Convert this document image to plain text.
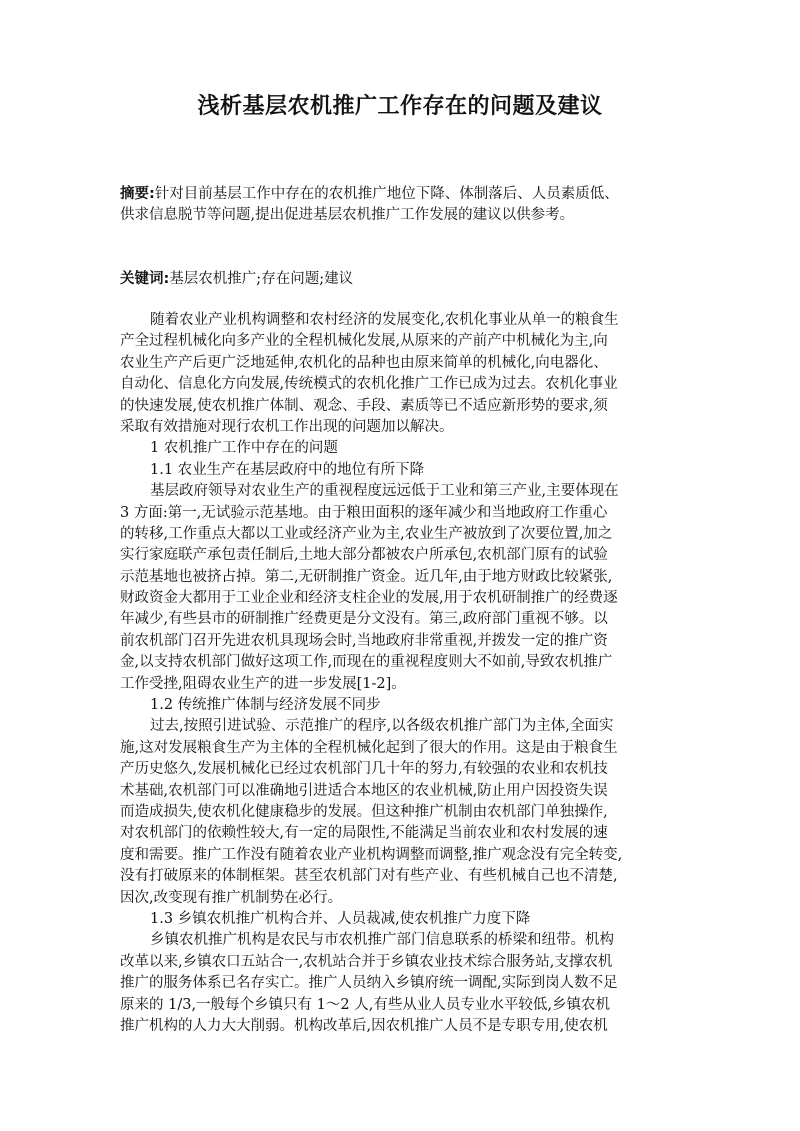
浅析基层农机推广工作存在的问题及建议
摘要:针对目前基层工作中存在的农机推广地位下降、体制落后、人员素质低、
供求信息脱节等问题,提出促进基层农机推广工作发展的建议以供参考。
关键词:基层农机推广;存在问题;建议
随着农业产业机构调整和农村经济的发展变化,农机化事业从单一的粮食生
产全过程机械化向多产业的全程机械化发展,从原来的产前产中机械化为主,向
农业生产产后更广泛地延伸,农机化的品种也由原来简单的机械化,向电器化、
自动化、信息化方向发展,传统模式的农机化推广工作已成为过去。农机化事业
的快速发展,使农机推广体制、观念、手段、素质等已不适应新形势的要求,须
采取有效措施对现行农机工作出现的问题加以解决。
1 农机推广工作中存在的问题
1.1 农业生产在基层政府中的地位有所下降
基层政府领导对农业生产的重视程度远远低于工业和第三产业,主要体现在
3 方面:第一,无试验示范基地。由于粮田面积的逐年减少和当地政府工作重心
的转移,工作重点大都以工业或经济产业为主,农业生产被放到了次要位置,加之
实行家庭联产承包责任制后,土地大部分都被农户所承包,农机部门原有的试验
示范基地也被挤占掉。第二,无研制推广资金。近几年,由于地方财政比较紧张,
财政资金大都用于工业企业和经济支柱企业的发展,用于农机研制推广的经费逐
年减少,有些县市的研制推广经费更是分文没有。第三,政府部门重视不够。以
前农机部门召开先进农机具现场会时,当地政府非常重视,并拨发一定的推广资
金,以支持农机部门做好这项工作,而现在的重视程度则大不如前,导致农机推广
工作受挫,阻碍农业生产的进一步发展[1-2]。
1.2 传统推广体制与经济发展不同步
过去,按照引进试验、示范推广的程序,以各级农机推广部门为主体,全面实
施,这对发展粮食生产为主体的全程机械化起到了很大的作用。这是由于粮食生
产历史悠久,发展机械化已经过农机部门几十年的努力,有较强的农业和农机技
术基础,农机部门可以准确地引进适合本地区的农业机械,防止用户因投资失误
而造成损失,使农机化健康稳步的发展。但这种推广机制由农机部门单独操作,
对农机部门的依赖性较大,有一定的局限性,不能满足当前农业和农村发展的速
度和需要。推广工作没有随着农业产业机构调整而调整,推广观念没有完全转变,
没有打破原来的体制框架。甚至农机部门对有些产业、有些机械自己也不清楚,
因次,改变现有推广机制势在必行。
1.3 乡镇农机推广机构合并、人员裁减,使农机推广力度下降
乡镇农机推广机构是农民与市农机推广部门信息联系的桥梁和纽带。机构
改革以来,乡镇农口五站合一,农机站合并于乡镇农业技术综合服务站,支撑农机
推广的服务体系已名存实亡。推广人员纳入乡镇府统一调配,实际到岗人数不足
原来的 1/3,一般每个乡镇只有 1～2 人,有些从业人员专业水平较低,乡镇农机
推广机构的人力大大削弱。机构改革后,因农机推广人员不是专职专用,使农机
